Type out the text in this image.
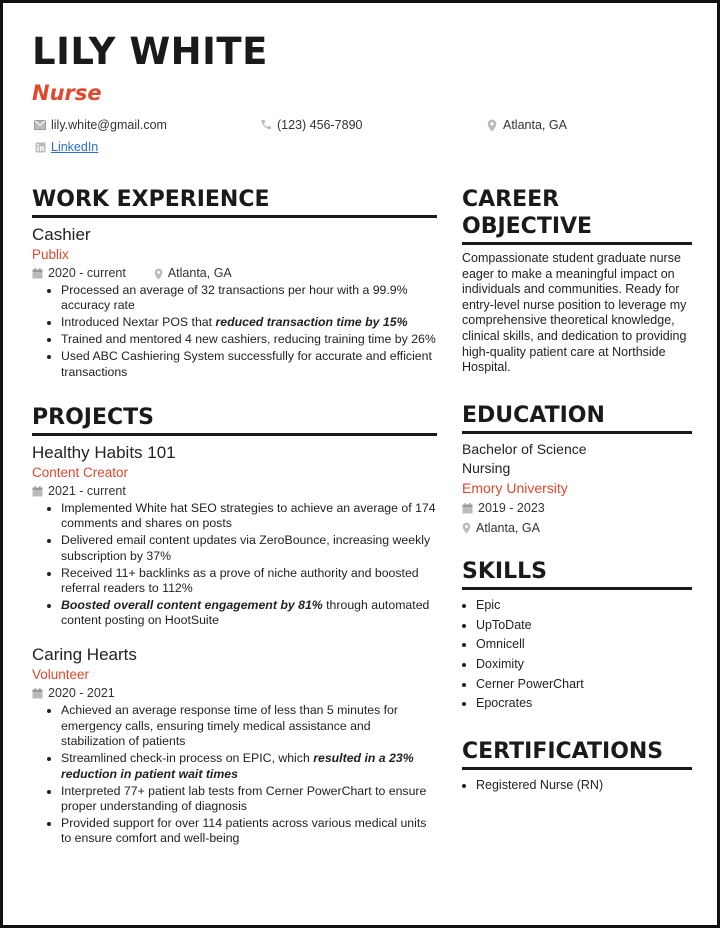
LILY WHITE
Nurse
lily.white@gmail.com	(123) 456-7890	Atlanta, GA
LinkedIn
WORK EXPERIENCE
Cashier
Publix
2020 - current	Atlanta, GA
• Processed an average of 32 transactions per hour with a 99.9% accuracy rate
• Introduced Nextar POS that reduced transaction time by 15%
• Trained and mentored 4 new cashiers, reducing training time by 26%
• Used ABC Cashiering System successfully for accurate and efficient transactions
PROJECTS
Healthy Habits 101
Content Creator
2021 - current
• Implemented White hat SEO strategies to achieve an average of 174 comments and shares on posts
• Delivered email content updates via ZeroBounce, increasing weekly subscription by 37%
• Received 11+ backlinks as a prove of niche authority and boosted referral readers to 112%
• Boosted overall content engagement by 81% through automated content posting on HootSuite
Caring Hearts
Volunteer
2020 - 2021
• Achieved an average response time of less than 5 minutes for emergency calls, ensuring timely medical assistance and stabilization of patients
• Streamlined check-in process on EPIC, which resulted in a 23% reduction in patient wait times
• Interpreted 77+ patient lab tests from Cerner PowerChart to ensure proper understanding of diagnosis
• Provided support for over 114 patients across various medical units to ensure comfort and well-being
CAREER
OBJECTIVE

Compassionate student graduate nurse eager to make a meaningful impact on individuals and communities. Ready for entry-level nurse position to leverage my comprehensive theoretical knowledge, clinical skills, and dedication to providing high-quality patient care at Northside Hospital.

EDUCATION
Bachelor of Science
Nursing
Emory University
2019 - 2023
Atlanta, GA
SKILLS
• Epic
• UpToDate
• Omnicell
• Doximity
• Cerner PowerChart
• Epocrates
CERTIFICATIONS
• Registered Nurse (RN)
